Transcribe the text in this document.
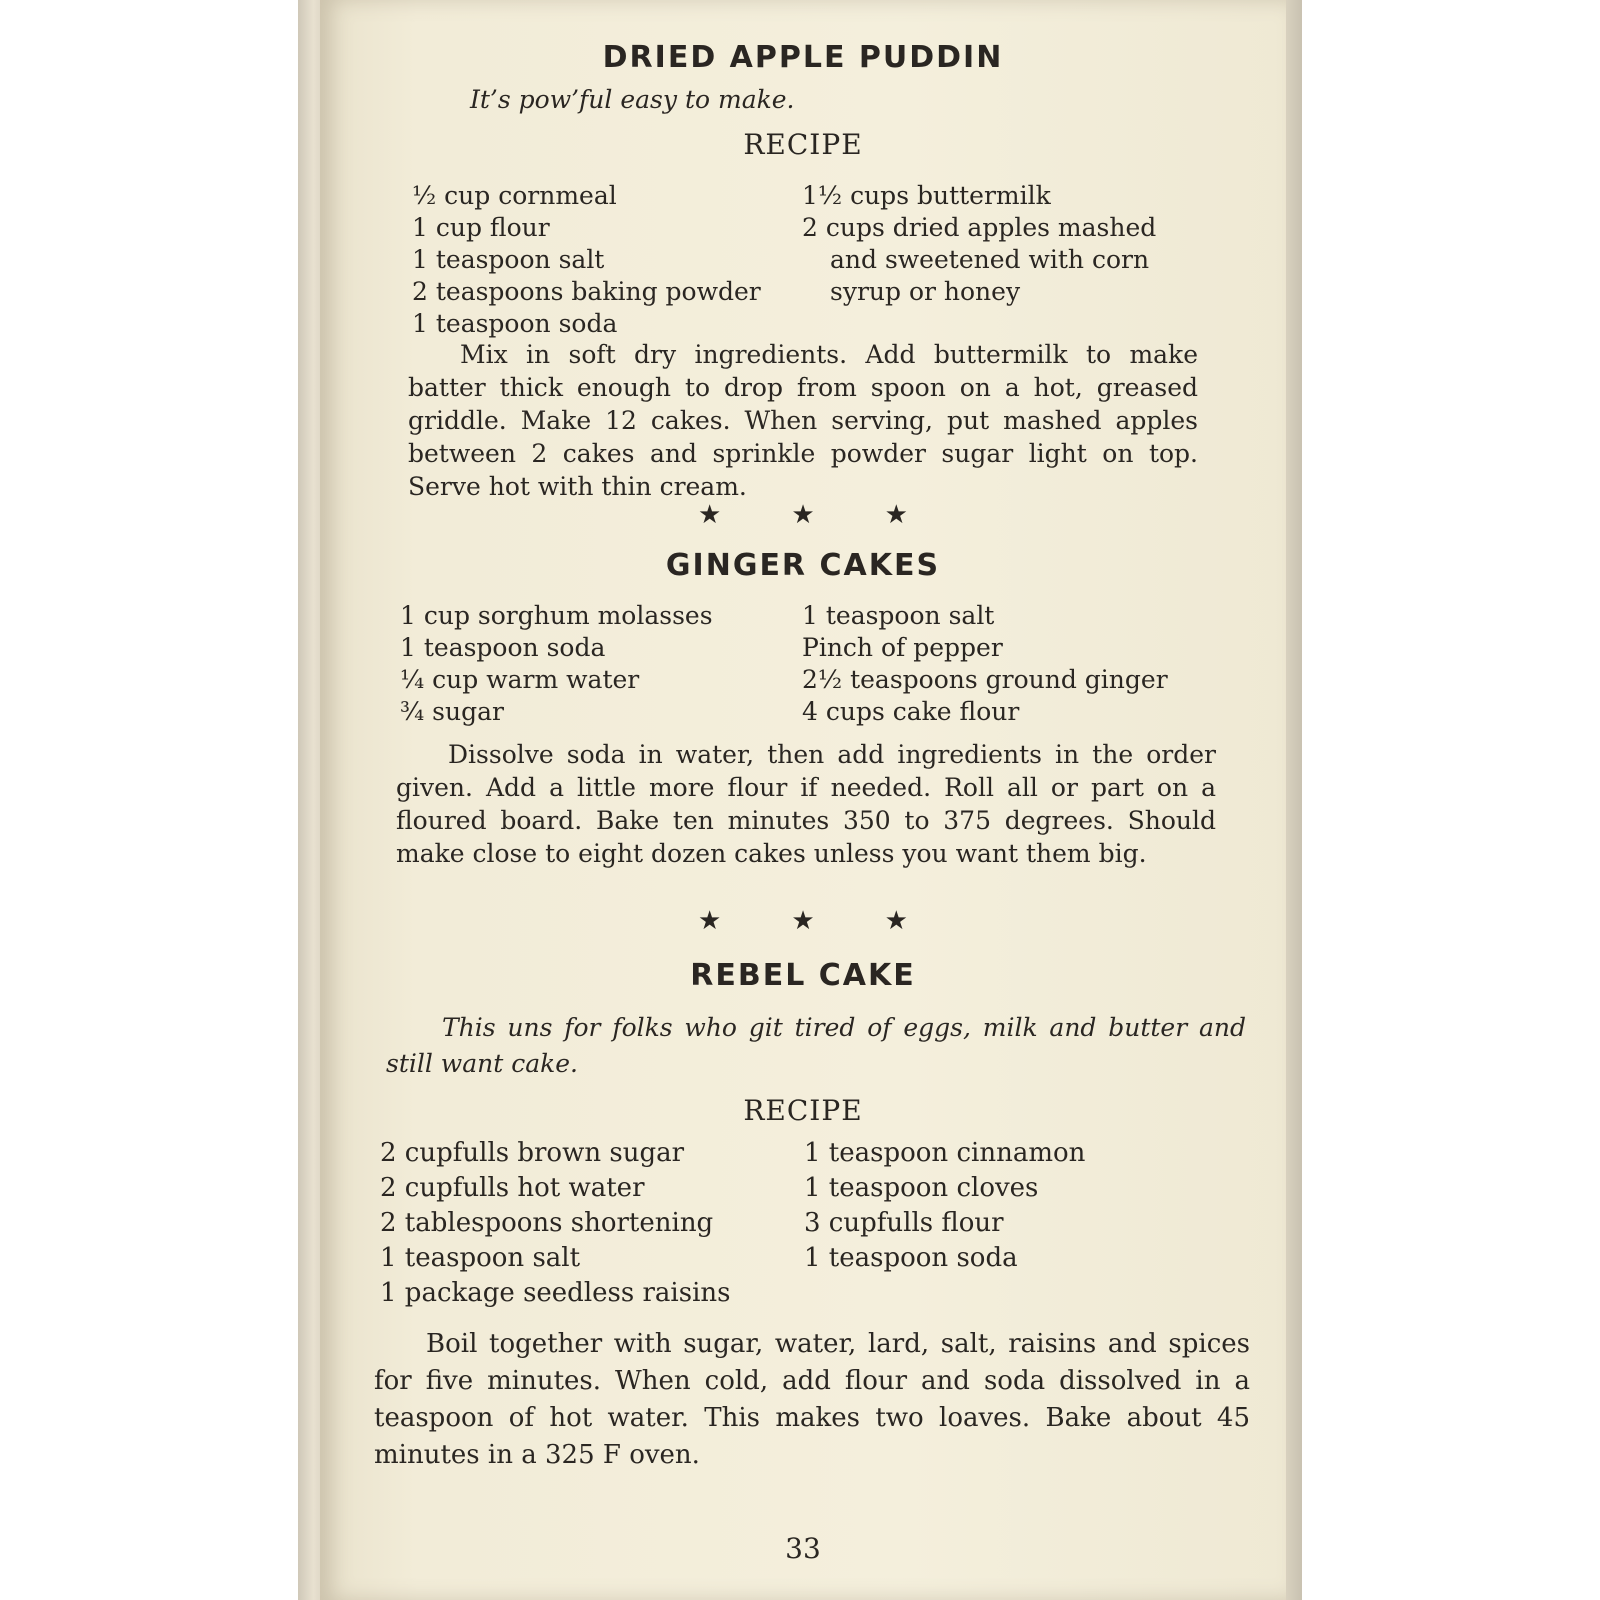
DRIED APPLE PUDDIN

It’s pow’ful easy to make.

RECIPE

½ cup cornmeal
1 cup flour
1 teaspoon salt
2 teaspoons baking powder
1 teaspoon soda
1½ cups buttermilk
2 cups dried apples mashed
and sweetened with corn
syrup or honey

Mix in soft dry ingredients. Add buttermilk to make batter thick enough to drop from spoon on a hot, greased griddle. Make 12 cakes. When serving, put mashed apples between 2 cakes and sprinkle powder sugar light on top. Serve hot with thin cream.

★★★

GINGER CAKES
1 cup sorghum molasses
1 teaspoon soda
¼ cup warm water
¾ sugar
1 teaspoon salt
Pinch of pepper
2½ teaspoons ground ginger
4 cups cake flour

Dissolve soda in water, then add ingredients in the order given. Add a little more flour if needed. Roll all or part on a floured board. Bake ten minutes 350 to 375 degrees. Should make close to eight dozen cakes unless you want them big.

★★★

REBEL CAKE

This uns for folks who git tired of eggs, milk and butter and still want cake.

RECIPE

2 cupfulls brown sugar
2 cupfulls hot water
2 tablespoons shortening
1 teaspoon salt
1 package seedless raisins
1 teaspoon cinnamon
1 teaspoon cloves
3 cupfulls flour
1 teaspoon soda

Boil together with sugar, water, lard, salt, raisins and spices for five minutes. When cold, add flour and soda dissolved in a teaspoon of hot water. This makes two loaves. Bake about 45 minutes in a 325 F oven.

33
